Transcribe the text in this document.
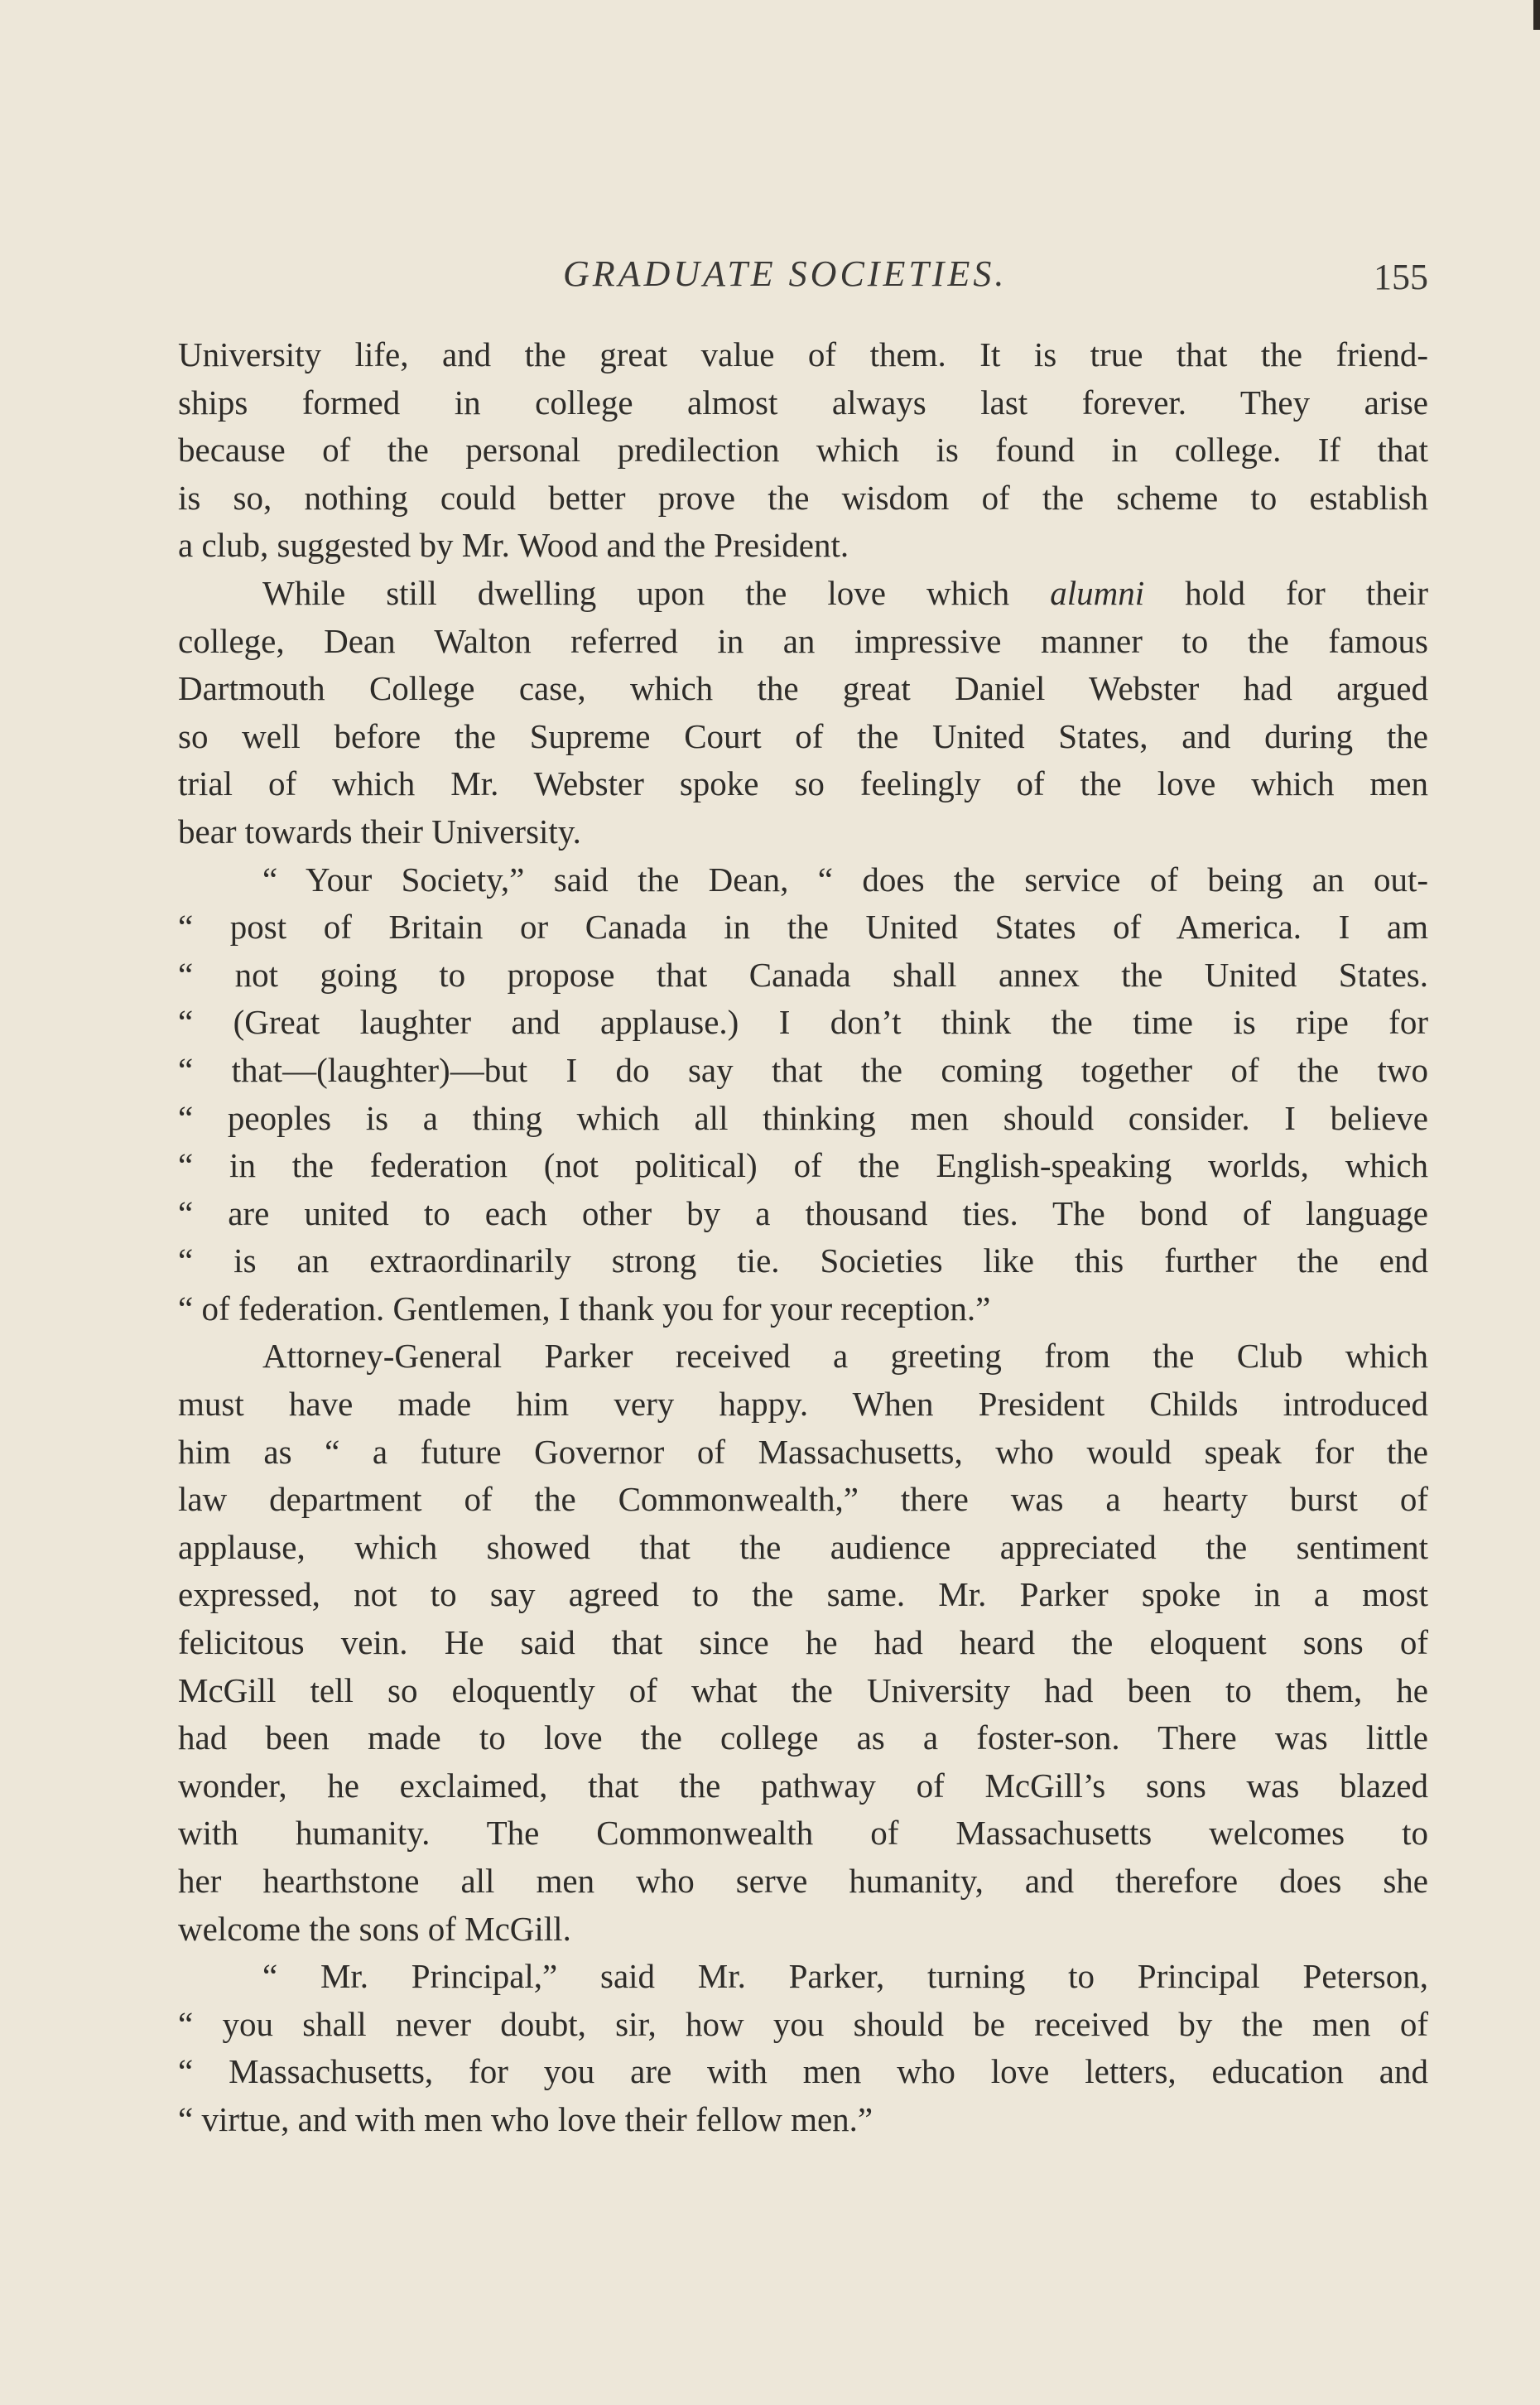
GRADUATE SOCIETIES.	155
University life, and the great value of them. It is true that the friend-
ships formed in college almost always last forever. They arise
because of the personal predilection which is found in college. If that
is so, nothing could better prove the wisdom of the scheme to establish
a club, suggested by Mr. Wood and the President.
While still dwelling upon the love which alumni hold for their
college, Dean Walton referred in an impressive manner to the famous
Dartmouth College case, which the great Daniel Webster had argued
so well before the Supreme Court of the United States, and during the
trial of which Mr. Webster spoke so feelingly of the love which men
bear towards their University.
“ Your Society,” said the Dean, “ does the service of being an out-
“ post of Britain or Canada in the United States of America. I am
“ not going to propose that Canada shall annex the United States.
“ (Great laughter and applause.) I don’t think the time is ripe for
“ that—(laughter)—but I do say that the coming together of the two
“ peoples is a thing which all thinking men should consider. I believe
“ in the federation (not political) of the English-speaking worlds, which
“ are united to each other by a thousand ties. The bond of language
“ is an extraordinarily strong tie. Societies like this further the end
“ of federation. Gentlemen, I thank you for your reception.”
Attorney-General Parker received a greeting from the Club which
must have made him very happy. When President Childs introduced
him as “ a future Governor of Massachusetts, who would speak for the
law department of the Commonwealth,” there was a hearty burst of
applause, which showed that the audience appreciated the sentiment
expressed, not to say agreed to the same. Mr. Parker spoke in a most
felicitous vein. He said that since he had heard the eloquent sons of
McGill tell so eloquently of what the University had been to them, he
had been made to love the college as a foster-son. There was little
wonder, he exclaimed, that the pathway of McGill’s sons was blazed
with humanity. The Commonwealth of Massachusetts welcomes to
her hearthstone all men who serve humanity, and therefore does she
welcome the sons of McGill.
“ Mr. Principal,” said Mr. Parker, turning to Principal Peterson,
“ you shall never doubt, sir, how you should be received by the men of
“ Massachusetts, for you are with men who love letters, education and
“ virtue, and with men who love their fellow men.”
